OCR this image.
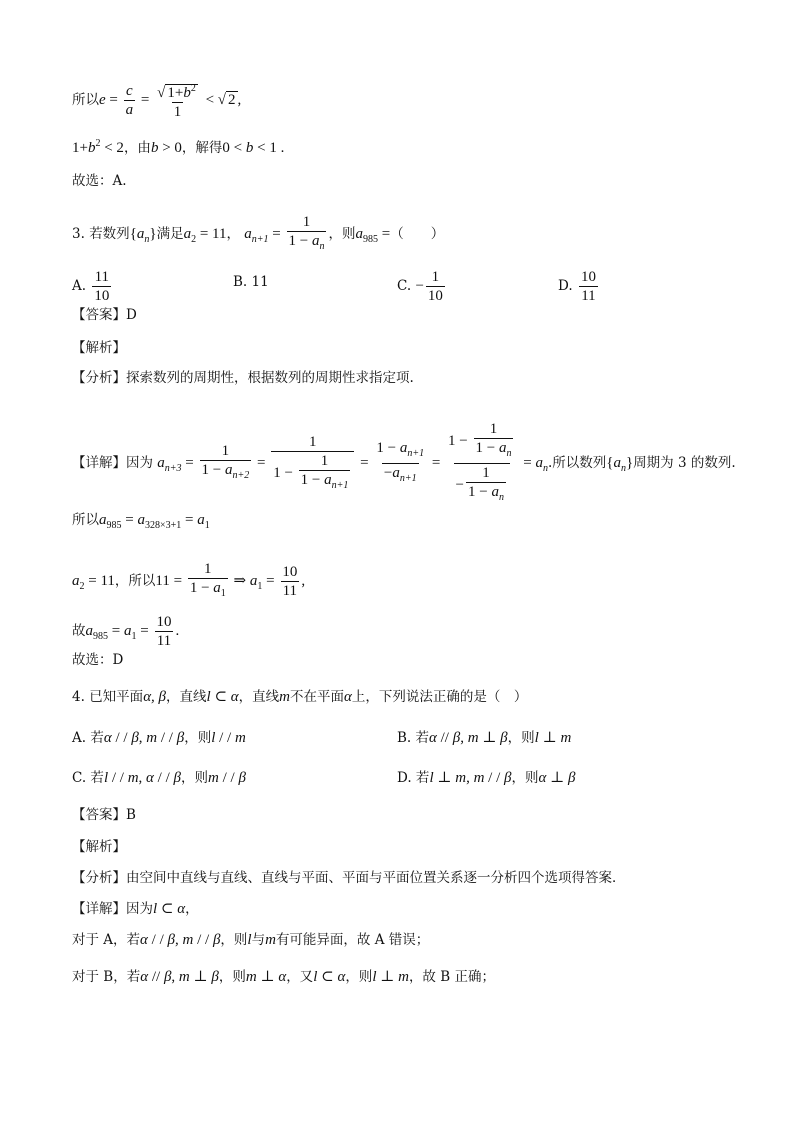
所以$e = \frac{c}{a} = \frac{√ 1+b^2}{1}$ < √ 2 ,
$1+b^2 < 2$，由b > 0，解得0 < b < 1 .
故选：A.
3. 若数列$\{a_n\}$满足$a_2 = 11$， $a_{n+1} = \frac{1}{1 - a_n}$ ，则$a_{985}$ =（　　）
A. $\frac{11}{10}$	B. 11	C. − $\frac{1}{10}$	D. $\frac{10}{11}$
【答案】D
【解析】
【分析】探索数列的周期性，根据数列的周期性求指定项.
【详解】因为 $a_{n+3} = \frac{1}{1 - a_{n+2}} = \frac{1}{1 - \frac{1}{1 - a_{n+1}}} = \frac{1 - a_{n+1}}{-a_{n+1}} = \frac{1 - \frac{1}{1 - a_n}}{- \frac{1}{1 - a_n}} = a_n$.所以数列$\{a_n\}$周期为 3 的数列.
所以$a_{985} = a_{328\times 3+1} = a_1$
$a_2 = 11$，所以$11 = \frac{1}{1 - a_1}$ ⇒ $a_1 = \frac{10}{11}$ ,
故$a_{985} = a_1 = \frac{10}{11}$ .
故选：D
4. 已知平面α, β，直线l ⊂ α，直线m不在平面α上，下列说法正确的是（　）
A. 若α / / β, m / / β，则l / / m	B. 若α // β, m ⊥ β，则l ⊥ m
C. 若l / / m, α / / β，则m / / β	D. 若l ⊥ m, m / / β，则α ⊥ β
【答案】B
【解析】
【分析】由空间中直线与直线、直线与平面、平面与平面位置关系逐一分析四个选项得答案．
【详解】因为l ⊂ α，
对于 A，若α / / β, m / / β，则l与m有可能异面，故 A 错误；
对于 B，若α // β, m ⊥ β，则m ⊥ α，又l ⊂ α，则l ⊥ m，故 B 正确；
